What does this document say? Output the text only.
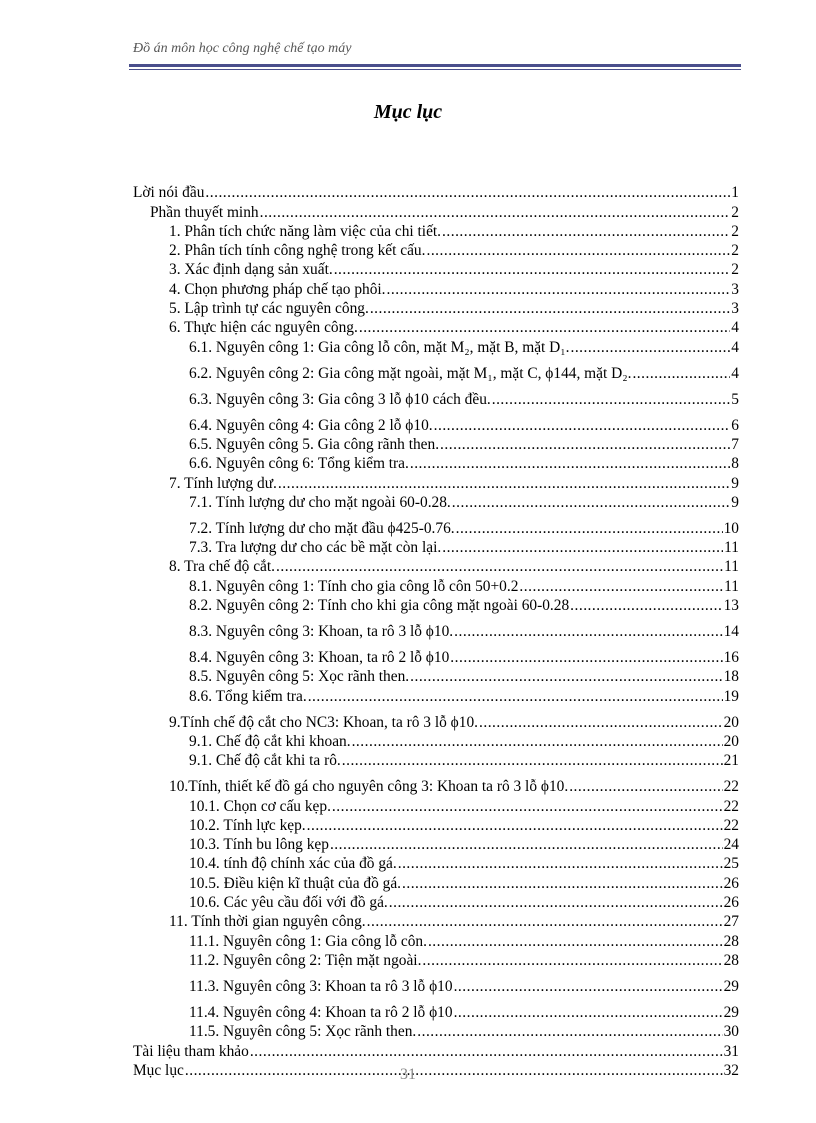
Đồ án môn học công nghệ chế tạo máy
Mục lục
Lời nói đầu .....	1
Phần thuyết minh .....	2
1. Phân tích chức năng làm việc của chi tiết. .....	2
2. Phân tích tính công nghệ trong kết cấu. .....	2
3. Xác định dạng sản xuất. .....	2
4. Chọn phương pháp chế tạo phôi. .....	3
5. Lập trình tự các nguyên công. .....	3
6. Thực hiện các nguyên công. .....	4
6.1. Nguyên công 1: Gia công lỗ côn, mặt M₂, mặt B, mặt D₁. .....	4
6.2. Nguyên công 2: Gia công mặt ngoài, mặt M₁, mặt C, ϕ144, mặt D₂. .....	4
6.3. Nguyên công 3: Gia công 3 lỗ ϕ10 cách đều. .....	5
6.4. Nguyên công 4: Gia công 2 lỗ ϕ10. .....	6
6.5. Nguyên công 5. Gia công rãnh then. .....	7
6.6. Nguyên công 6: Tổng kiểm tra. .....	8
7. Tính lượng dư. .....	9
7.1. Tính lượng dư cho mặt ngoài 60-0.28. .....	9
7.2. Tính lượng dư cho mặt đầu ϕ425-0.76. .....	10
7.3. Tra lượng dư cho các bề mặt còn lại. .....	11
8. Tra chế độ cắt. .....	11
8.1. Nguyên công 1: Tính cho gia công lỗ côn 50+0.2 .....	11
8.2. Nguyên công 2: Tính cho khi gia công mặt ngoài 60-0.28 .....	13
8.3. Nguyên công 3: Khoan, ta rô 3 lỗ ϕ10. .....	14
8.4. Nguyên công 3: Khoan, ta rô 2 lỗ ϕ10 .....	16
8.5. Nguyên công 5: Xọc rãnh then. .....	18
8.6. Tổng kiểm tra. .....	19
9.Tính chế độ cắt cho NC3: Khoan, ta rô 3 lỗ ϕ10. .....	20
9.1. Chế độ cắt khi khoan. .....	20
9.1. Chế độ cắt khi ta rô. .....	21
10.Tính, thiết kế đồ gá cho nguyên công 3: Khoan ta rô 3 lỗ ϕ10. .....	22
10.1. Chọn cơ cấu kẹp. .....	22
10.2. Tính lực kẹp. .....	22
10.3. Tính bu lông kẹp .....	24
10.4. tính độ chính xác của đồ gá. .....	25
10.5. Điều kiện kĩ thuật của đồ gá. .....	26
10.6. Các yêu cầu đối với đồ gá. .....	26
11. Tính thời gian nguyên công. .....	27
11.1. Nguyên công 1: Gia công lỗ côn. .....	28
11.2. Nguyên công 2: Tiện mặt ngoài. .....	28
11.3. Nguyên công 3: Khoan ta rô 3 lỗ ϕ10 .....	29
11.4. Nguyên công 4: Khoan ta rô 2 lỗ ϕ10 .....	29
11.5. Nguyên công 5: Xọc rãnh then. .....	30
Tài liệu tham khảo .....	31
Mục lục .....	32
31
